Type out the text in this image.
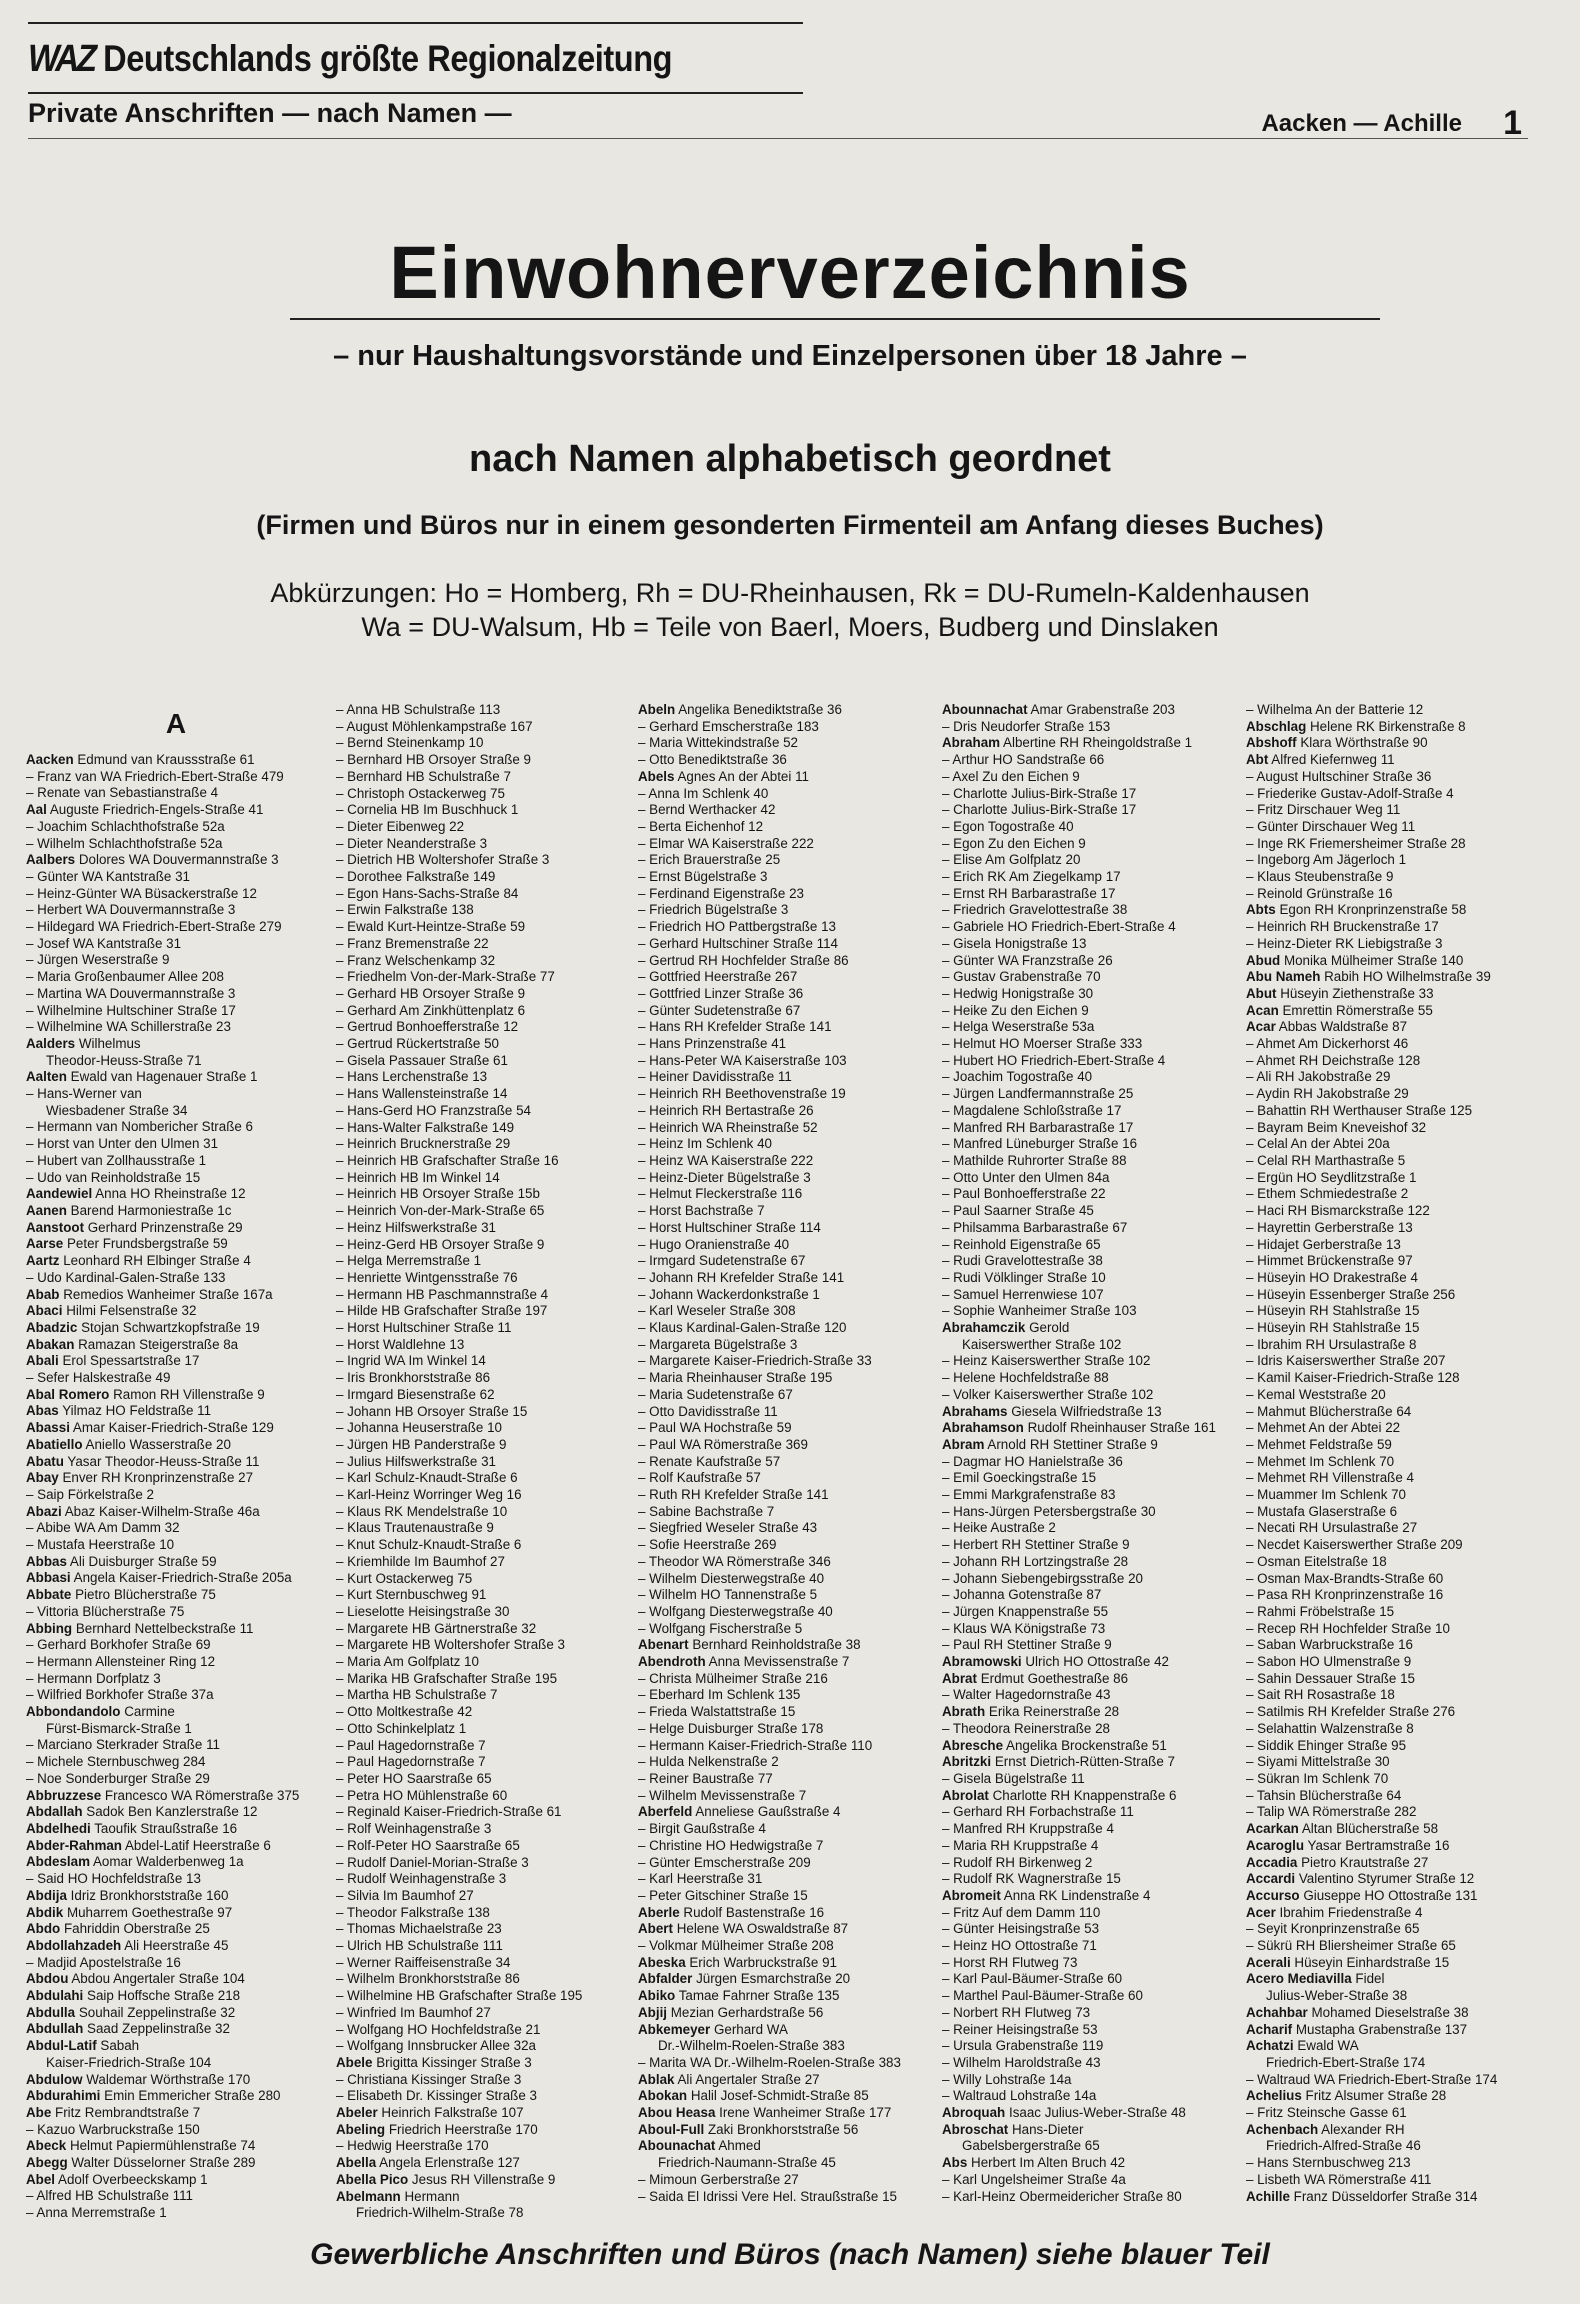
WAZ Deutschlands größte Regionalzeitung
Private Anschriften — nach Namen —	Aacken — Achille 1
Einwohnerverzeichnis
– nur Haushaltungsvorstände und Einzelpersonen über 18 Jahre –
nach Namen alphabetisch geordnet
(Firmen und Büros nur in einem gesonderten Firmenteil am Anfang dieses Buches)
Abkürzungen: Ho = Homberg, Rh = DU-Rheinhausen, Rk = DU-Rumeln-Kaldenhausen
Wa = DU-Walsum, Hb = Teile von Baerl, Moers, Budberg und Dinslaken
A
Aacken Edmund van Kraussstraße 61
– Franz van WA Friedrich-Ebert-Straße 479
– Renate van Sebastianstraße 4
Aal Auguste Friedrich-Engels-Straße 41
– Joachim Schlachthofstraße 52a
– Wilhelm Schlachthofstraße 52a
Aalbers Dolores WA Douvermannstraße 3
– Günter WA Kantstraße 31
– Heinz-Günter WA Büsackerstraße 12
– Herbert WA Douvermannstraße 3
– Hildegard WA Friedrich-Ebert-Straße 279
– Josef WA Kantstraße 31
– Jürgen Weserstraße 9
– Maria Großenbaumer Allee 208
– Martina WA Douvermannstraße 3
– Wilhelmine Hultschiner Straße 17
– Wilhelmine WA Schillerstraße 23
Aalders Wilhelmus
Theodor-Heuss-Straße 71
Aalten Ewald van Hagenauer Straße 1
– Hans-Werner van
Wiesbadener Straße 34
– Hermann van Nombericher Straße 6
– Horst van Unter den Ulmen 31
– Hubert van Zollhausstraße 1
– Udo van Reinholdstraße 15
Aandewiel Anna HO Rheinstraße 12
Aanen Barend Harmoniestraße 1c
Aanstoot Gerhard Prinzenstraße 29
Aarse Peter Frundsbergstraße 59
Aartz Leonhard RH Elbinger Straße 4
– Udo Kardinal-Galen-Straße 133
Abab Remedios Wanheimer Straße 167a
Abaci Hilmi Felsenstraße 32
Abadzic Stojan Schwartzkopfstraße 19
Abakan Ramazan Steigerstraße 8a
Abali Erol Spessartstraße 17
– Sefer Halskestraße 49
Abal Romero Ramon RH Villenstraße 9
Abas Yilmaz HO Feldstraße 11
Abassi Amar Kaiser-Friedrich-Straße 129
Abatiello Aniello Wasserstraße 20
Abatu Yasar Theodor-Heuss-Straße 11
Abay Enver RH Kronprinzenstraße 27
– Saip Förkelstraße 2
Abazi Abaz Kaiser-Wilhelm-Straße 46a
– Abibe WA Am Damm 32
– Mustafa Heerstraße 10
Abbas Ali Duisburger Straße 59
Abbasi Angela Kaiser-Friedrich-Straße 205a
Abbate Pietro Blücherstraße 75
– Vittoria Blücherstraße 75
Abbing Bernhard Nettelbeckstraße 11
– Gerhard Borkhofer Straße 69
– Hermann Allensteiner Ring 12
– Hermann Dorfplatz 3
– Wilfried Borkhofer Straße 37a
Abbondandolo Carmine
Fürst-Bismarck-Straße 1
– Marciano Sterkrader Straße 11
– Michele Sternbuschweg 284
– Noe Sonderburger Straße 29
Abbruzzese Francesco WA Römerstraße 375
Abdallah Sadok Ben Kanzlerstraße 12
Abdelhedi Taoufik Straußstraße 16
Abder-Rahman Abdel-Latif Heerstraße 6
Abdeslam Aomar Walderbenweg 1a
– Said HO Hochfeldstraße 13
Abdija Idriz Bronkhorststraße 160
Abdik Muharrem Goethestraße 97
Abdo Fahriddin Oberstraße 25
Abdollahzadeh Ali Heerstraße 45
– Madjid Apostelstraße 16
Abdou Abdou Angertaler Straße 104
Abdulahi Saip Hoffsche Straße 218
Abdulla Souhail Zeppelinstraße 32
Abdullah Saad Zeppelinstraße 32
Abdul-Latif Sabah
Kaiser-Friedrich-Straße 104
Abdulow Waldemar Wörthstraße 170
Abdurahimi Emin Emmericher Straße 280
Abe Fritz Rembrandtstraße 7
– Kazuo Warbruckstraße 150
Abeck Helmut Papiermühlenstraße 74
Abegg Walter Düsselorner Straße 289
Abel Adolf Overbeeckskamp 1
– Alfred HB Schulstraße 111
– Anna Merremstraße 1
– Anna HB Schulstraße 113
– August Möhlenkampstraße 167
– Bernd Steinenkamp 10
– Bernhard HB Orsoyer Straße 9
– Bernhard HB Schulstraße 7
– Christoph Ostackerweg 75
– Cornelia HB Im Buschhuck 1
– Dieter Eibenweg 22
– Dieter Neanderstraße 3
– Dietrich HB Woltershofer Straße 3
– Dorothee Falkstraße 149
– Egon Hans-Sachs-Straße 84
– Erwin Falkstraße 138
– Ewald Kurt-Heintze-Straße 59
– Franz Bremenstraße 22
– Franz Welschenkamp 32
– Friedhelm Von-der-Mark-Straße 77
– Gerhard HB Orsoyer Straße 9
– Gerhard Am Zinkhüttenplatz 6
– Gertrud Bonhoefferstraße 12
– Gertrud Rückertstraße 50
– Gisela Passauer Straße 61
– Hans Lerchenstraße 13
– Hans Wallensteinstraße 14
– Hans-Gerd HO Franzstraße 54
– Hans-Walter Falkstraße 149
– Heinrich Brucknerstraße 29
– Heinrich HB Grafschafter Straße 16
– Heinrich HB Im Winkel 14
– Heinrich HB Orsoyer Straße 15b
– Heinrich Von-der-Mark-Straße 65
– Heinz Hilfswerkstraße 31
– Heinz-Gerd HB Orsoyer Straße 9
– Helga Merremstraße 1
– Henriette Wintgensstraße 76
– Hermann HB Paschmannstraße 4
– Hilde HB Grafschafter Straße 197
– Horst Hultschiner Straße 11
– Horst Waldlehne 13
– Ingrid WA Im Winkel 14
– Iris Bronkhorststraße 86
– Irmgard Biesenstraße 62
– Johann HB Orsoyer Straße 15
– Johanna Heuserstraße 10
– Jürgen HB Panderstraße 9
– Julius Hilfswerkstraße 31
– Karl Schulz-Knaudt-Straße 6
– Karl-Heinz Worringer Weg 16
– Klaus RK Mendelstraße 10
– Klaus Trautenaustraße 9
– Knut Schulz-Knaudt-Straße 6
– Kriemhilde Im Baumhof 27
– Kurt Ostackerweg 75
– Kurt Sternbuschweg 91
– Lieselotte Heisingstraße 30
– Margarete HB Gärtnerstraße 32
– Margarete HB Woltershofer Straße 3
– Maria Am Golfplatz 10
– Marika HB Grafschafter Straße 195
– Martha HB Schulstraße 7
– Otto Moltkestraße 42
– Otto Schinkelplatz 1
– Paul Hagedornstraße 7
– Paul Hagedornstraße 7
– Peter HO Saarstraße 65
– Petra HO Mühlenstraße 60
– Reginald Kaiser-Friedrich-Straße 61
– Rolf Weinhagenstraße 3
– Rolf-Peter HO Saarstraße 65
– Rudolf Daniel-Morian-Straße 3
– Rudolf Weinhagenstraße 3
– Silvia Im Baumhof 27
– Theodor Falkstraße 138
– Thomas Michaelstraße 23
– Ulrich HB Schulstraße 111
– Werner Raiffeisenstraße 34
– Wilhelm Bronkhorststraße 86
– Wilhelmine HB Grafschafter Straße 195
– Winfried Im Baumhof 27
– Wolfgang HO Hochfeldstraße 21
– Wolfgang Innsbrucker Allee 32a
Abele Brigitta Kissinger Straße 3
– Christiana Kissinger Straße 3
– Elisabeth Dr. Kissinger Straße 3
Abeler Heinrich Falkstraße 107
Abeling Friedrich Heerstraße 170
– Hedwig Heerstraße 170
Abella Angela Erlenstraße 127
Abella Pico Jesus RH Villenstraße 9
Abelmann Hermann
Friedrich-Wilhelm-Straße 78
Abeln Angelika Benediktstraße 36
– Gerhard Emscherstraße 183
– Maria Wittekindstraße 52
– Otto Benediktstraße 36
Abels Agnes An der Abtei 11
– Anna Im Schlenk 40
– Bernd Werthacker 42
– Berta Eichenhof 12
– Elmar WA Kaiserstraße 222
– Erich Brauerstraße 25
– Ernst Bügelstraße 3
– Ferdinand Eigenstraße 23
– Friedrich Bügelstraße 3
– Friedrich HO Pattbergstraße 13
– Gerhard Hultschiner Straße 114
– Gertrud RH Hochfelder Straße 86
– Gottfried Heerstraße 267
– Gottfried Linzer Straße 36
– Günter Sudetenstraße 67
– Hans RH Krefelder Straße 141
– Hans Prinzenstraße 41
– Hans-Peter WA Kaiserstraße 103
– Heiner Davidisstraße 11
– Heinrich RH Beethovenstraße 19
– Heinrich RH Bertastraße 26
– Heinrich WA Rheinstraße 52
– Heinz Im Schlenk 40
– Heinz WA Kaiserstraße 222
– Heinz-Dieter Bügelstraße 3
– Helmut Fleckerstraße 116
– Horst Bachstraße 7
– Horst Hultschiner Straße 114
– Hugo Oranienstraße 40
– Irmgard Sudetenstraße 67
– Johann RH Krefelder Straße 141
– Johann Wackerdonkstraße 1
– Karl Weseler Straße 308
– Klaus Kardinal-Galen-Straße 120
– Margareta Bügelstraße 3
– Margarete Kaiser-Friedrich-Straße 33
– Maria Rheinhauser Straße 195
– Maria Sudetenstraße 67
– Otto Davidisstraße 11
– Paul WA Hochstraße 59
– Paul WA Römerstraße 369
– Renate Kaufstraße 57
– Rolf Kaufstraße 57
– Ruth RH Krefelder Straße 141
– Sabine Bachstraße 7
– Siegfried Weseler Straße 43
– Sofie Heerstraße 269
– Theodor WA Römerstraße 346
– Wilhelm Diesterwegstraße 40
– Wilhelm HO Tannenstraße 5
– Wolfgang Diesterwegstraße 40
– Wolfgang Fischerstraße 5
Abenart Bernhard Reinholdstraße 38
Abendroth Anna Mevissenstraße 7
– Christa Mülheimer Straße 216
– Eberhard Im Schlenk 135
– Frieda Walstattstraße 15
– Helge Duisburger Straße 178
– Hermann Kaiser-Friedrich-Straße 110
– Hulda Nelkenstraße 2
– Reiner Baustraße 77
– Wilhelm Mevissenstraße 7
Aberfeld Anneliese Gaußstraße 4
– Birgit Gaußstraße 4
– Christine HO Hedwigstraße 7
– Günter Emscherstraße 209
– Karl Heerstraße 31
– Peter Gitschiner Straße 15
Aberle Rudolf Bastenstraße 16
Abert Helene WA Oswaldstraße 87
– Volkmar Mülheimer Straße 208
Abeska Erich Warbruckstraße 91
Abfalder Jürgen Esmarchstraße 20
Abiko Tamae Fahrner Straße 135
Abjij Mezian Gerhardstraße 56
Abkemeyer Gerhard WA
Dr.-Wilhelm-Roelen-Straße 383
– Marita WA Dr.-Wilhelm-Roelen-Straße 383
Ablak Ali Angertaler Straße 27
Abokan Halil Josef-Schmidt-Straße 85
Abou Heasa Irene Wanheimer Straße 177
Aboul-Full Zaki Bronkhorststraße 56
Abounachat Ahmed
Friedrich-Naumann-Straße 45
– Mimoun Gerberstraße 27
– Saida El Idrissi Vere Hel. Straußstraße 15
Abounnachat Amar Grabenstraße 203
– Dris Neudorfer Straße 153
Abraham Albertine RH Rheingoldstraße 1
– Arthur HO Sandstraße 66
– Axel Zu den Eichen 9
– Charlotte Julius-Birk-Straße 17
– Charlotte Julius-Birk-Straße 17
– Egon Togostraße 40
– Egon Zu den Eichen 9
– Elise Am Golfplatz 20
– Erich RK Am Ziegelkamp 17
– Ernst RH Barbarastraße 17
– Friedrich Gravelottestraße 38
– Gabriele HO Friedrich-Ebert-Straße 4
– Gisela Honigstraße 13
– Günter WA Franzstraße 26
– Gustav Grabenstraße 70
– Hedwig Honigstraße 30
– Heike Zu den Eichen 9
– Helga Weserstraße 53a
– Helmut HO Moerser Straße 333
– Hubert HO Friedrich-Ebert-Straße 4
– Joachim Togostraße 40
– Jürgen Landfermannstraße 25
– Magdalene Schloßstraße 17
– Manfred RH Barbarastraße 17
– Manfred Lüneburger Straße 16
– Mathilde Ruhrorter Straße 88
– Otto Unter den Ulmen 84a
– Paul Bonhoefferstraße 22
– Paul Saarner Straße 45
– Philsamma Barbarastraße 67
– Reinhold Eigenstraße 65
– Rudi Gravelottestraße 38
– Rudi Völklinger Straße 10
– Samuel Herrenwiese 107
– Sophie Wanheimer Straße 103
Abrahamczik Gerold
Kaiserswerther Straße 102
– Heinz Kaiserswerther Straße 102
– Helene Hochfeldstraße 88
– Volker Kaiserswerther Straße 102
Abrahams Giesela Wilfriedstraße 13
Abrahamson Rudolf Rheinhauser Straße 161
Abram Arnold RH Stettiner Straße 9
– Dagmar HO Hanielstraße 36
– Emil Goeckingstraße 15
– Emmi Markgrafenstraße 83
– Hans-Jürgen Petersbergstraße 30
– Heike Austraße 2
– Herbert RH Stettiner Straße 9
– Johann RH Lortzingstraße 28
– Johann Siebengebirgsstraße 20
– Johanna Gotenstraße 87
– Jürgen Knappenstraße 55
– Klaus WA Königstraße 73
– Paul RH Stettiner Straße 9
Abramowski Ulrich HO Ottostraße 42
Abrat Erdmut Goethestraße 86
– Walter Hagedornstraße 43
Abrath Erika Reinerstraße 28
– Theodora Reinerstraße 28
Abresche Angelika Brockenstraße 51
Abritzki Ernst Dietrich-Rütten-Straße 7
– Gisela Bügelstraße 11
Abrolat Charlotte RH Knappenstraße 6
– Gerhard RH Forbachstraße 11
– Manfred RH Kruppstraße 4
– Maria RH Kruppstraße 4
– Rudolf RH Birkenweg 2
– Rudolf RK Wagnerstraße 15
Abromeit Anna RK Lindenstraße 4
– Fritz Auf dem Damm 110
– Günter Heisingstraße 53
– Heinz HO Ottostraße 71
– Horst RH Flutweg 73
– Karl Paul-Bäumer-Straße 60
– Marthel Paul-Bäumer-Straße 60
– Norbert RH Flutweg 73
– Reiner Heisingstraße 53
– Ursula Grabenstraße 119
– Wilhelm Haroldstraße 43
– Willy Lohstraße 14a
– Waltraud Lohstraße 14a
Abroquah Isaac Julius-Weber-Straße 48
Abroschat Hans-Dieter
Gabelsbergerstraße 65
Abs Herbert Im Alten Bruch 42
– Karl Ungelsheimer Straße 4a
– Karl-Heinz Obermeidericher Straße 80
– Wilhelma An der Batterie 12
Abschlag Helene RK Birkenstraße 8
Abshoff Klara Wörthstraße 90
Abt Alfred Kiefernweg 11
– August Hultschiner Straße 36
– Friederike Gustav-Adolf-Straße 4
– Fritz Dirschauer Weg 11
– Günter Dirschauer Weg 11
– Inge RK Friemersheimer Straße 28
– Ingeborg Am Jägerloch 1
– Klaus Steubenstraße 9
– Reinold Grünstraße 16
Abts Egon RH Kronprinzenstraße 58
– Heinrich RH Bruckenstraße 17
– Heinz-Dieter RK Liebigstraße 3
Abud Monika Mülheimer Straße 140
Abu Nameh Rabih HO Wilhelmstraße 39
Abut Hüseyin Ziethenstraße 33
Acan Emrettin Römerstraße 55
Acar Abbas Waldstraße 87
– Ahmet Am Dickerhorst 46
– Ahmet RH Deichstraße 128
– Ali RH Jakobstraße 29
– Aydin RH Jakobstraße 29
– Bahattin RH Werthauser Straße 125
– Bayram Beim Kneveishof 32
– Celal An der Abtei 20a
– Celal RH Marthastraße 5
– Ergün HO Seydlitzstraße 1
– Ethem Schmiedestraße 2
– Haci RH Bismarckstraße 122
– Hayrettin Gerberstraße 13
– Hidajet Gerberstraße 13
– Himmet Brückenstraße 97
– Hüseyin HO Drakestraße 4
– Hüseyin Essenberger Straße 256
– Hüseyin RH Stahlstraße 15
– Hüseyin RH Stahlstraße 15
– Ibrahim RH Ursulastraße 8
– Idris Kaiserswerther Straße 207
– Kamil Kaiser-Friedrich-Straße 128
– Kemal Weststraße 20
– Mahmut Blücherstraße 64
– Mehmet An der Abtei 22
– Mehmet Feldstraße 59
– Mehmet Im Schlenk 70
– Mehmet RH Villenstraße 4
– Muammer Im Schlenk 70
– Mustafa Glaserstraße 6
– Necati RH Ursulastraße 27
– Necdet Kaiserswerther Straße 209
– Osman Eitelstraße 18
– Osman Max-Brandts-Straße 60
– Pasa RH Kronprinzenstraße 16
– Rahmi Fröbelstraße 15
– Recep RH Hochfelder Straße 10
– Saban Warbruckstraße 16
– Sabon HO Ulmenstraße 9
– Sahin Dessauer Straße 15
– Sait RH Rosastraße 18
– Satilmis RH Krefelder Straße 276
– Selahattin Walzenstraße 8
– Siddik Ehinger Straße 95
– Siyami Mittelstraße 30
– Sükran Im Schlenk 70
– Tahsin Blücherstraße 64
– Talip WA Römerstraße 282
Acarkan Altan Blücherstraße 58
Acaroglu Yasar Bertramstraße 16
Accadia Pietro Krautstraße 27
Accardi Valentino Styrumer Straße 12
Accurso Giuseppe HO Ottostraße 131
Acer Ibrahim Friedenstraße 4
– Seyit Kronprinzenstraße 65
– Sükrü RH Bliersheimer Straße 65
Acerali Hüseyin Einhardstraße 15
Acero Mediavilla Fidel
Julius-Weber-Straße 38
Achahbar Mohamed Dieselstraße 38
Acharif Mustapha Grabenstraße 137
Achatzi Ewald WA
Friedrich-Ebert-Straße 174
– Waltraud WA Friedrich-Ebert-Straße 174
Achelius Fritz Alsumer Straße 28
– Fritz Steinsche Gasse 61
Achenbach Alexander RH
Friedrich-Alfred-Straße 46
– Hans Sternbuschweg 213
– Lisbeth WA Römerstraße 411
Achille Franz Düsseldorfer Straße 314
Gewerbliche Anschriften und Büros (nach Namen) siehe blauer Teil
